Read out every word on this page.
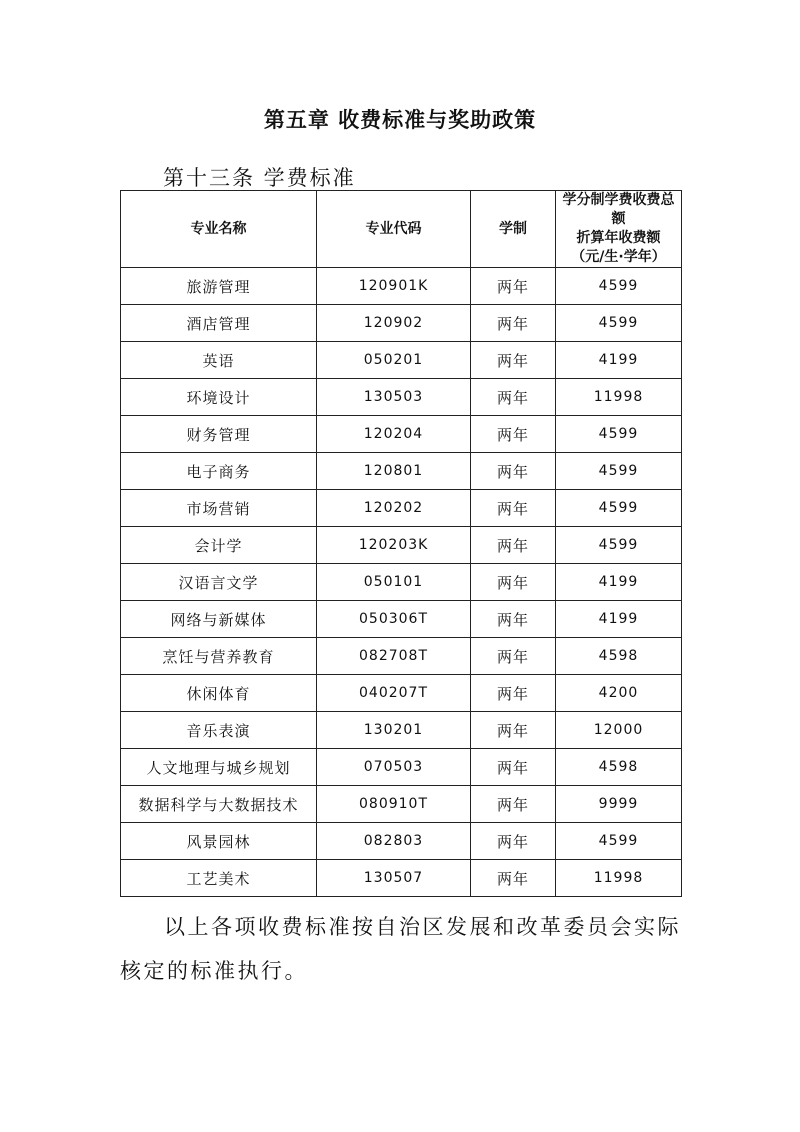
第五章 收费标准与奖助政策
第十三条 学费标准
专业名称	专业代码	学制	学分制学费收费总额
折算年收费额
（元/生·学年）

旅游管理	120901K	两年	4599
酒店管理	120902	两年	4599
英语	050201	两年	4199
环境设计	130503	两年	11998
财务管理	120204	两年	4599
电子商务	120801	两年	4599
市场营销	120202	两年	4599
会计学	120203K	两年	4599
汉语言文学	050101	两年	4199
网络与新媒体	050306T	两年	4199
烹饪与营养教育	082708T	两年	4598
休闲体育	040207T	两年	4200
音乐表演	130201	两年	12000
人文地理与城乡规划	070503	两年	4598
数据科学与大数据技术	080910T	两年	9999
风景园林	082803	两年	4599
工艺美术	130507	两年	11998
以上各项收费标准按自治区发展和改革委员会实际核定的标准执行。
